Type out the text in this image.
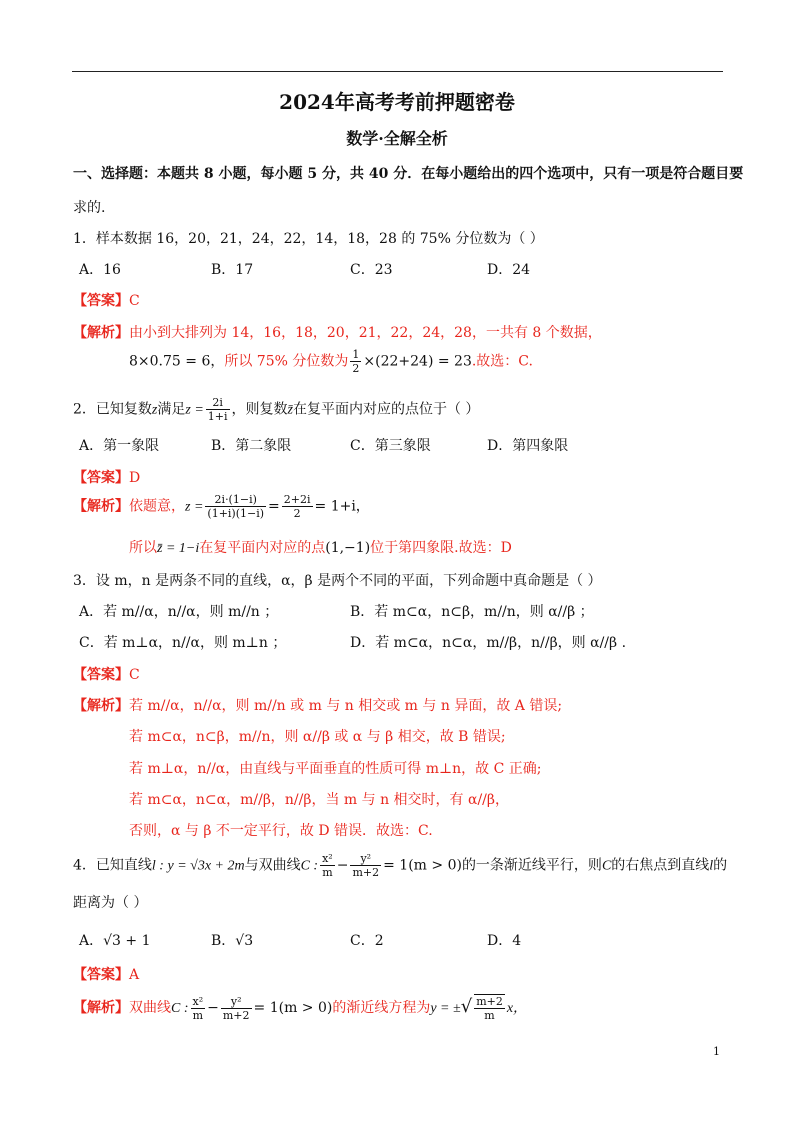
2024年高考考前押题密卷
数学·全解全析
一、选择题：本题共 8 小题，每小题 5 分，共 40 分．在每小题给出的四个选项中，只有一项是符合题目要
求的.
1．样本数据 16，20，21，24，22，14，18，28 的 75% 分位数为（ ）
A．16	B．17	C．23	D．24
【答案】C
【解析】由小到大排列为 14，16，18，20，21，22，24，28，一共有 8 个数据，
8×0.75 = 6，所以 75% 分位数为 $\frac{1}{2} \times(22+24) = 23$.故选：C.
2．已知复数z满足$z = \frac{2i}{1+i}$ ，则复数z̄在复平面内对应的点位于（ ）
A．第一象限	B．第二象限	C．第三象限	D．第四象限
【答案】D
【解析】依题意，$z = \frac{2i\cdot(1-i)}{(1+i)(1-i)} = \frac{2+2i}{2} = 1+i$，
所以z̄ = 1−i在复平面内对应的点(1,−1)位于第四象限.故选：D
3．设 m，n 是两条不同的直线，α，β 是两个不同的平面，下列命题中真命题是（ ）
A．若 m//α，n//α，则 m//n ；	B．若 m⊂α，n⊂β，m//n，则 α//β ；
C．若 m⊥α，n//α，则 m⊥n ；	D．若 m⊂α，n⊂α，m//β，n//β，则 α//β .
【答案】C
【解析】若 m//α，n//α，则 m//n 或 m 与 n 相交或 m 与 n 异面，故 A 错误;
若 m⊂α，n⊂β，m//n，则 α//β 或 α 与 β 相交，故 B 错误;
若 m⊥α，n//α，由直线与平面垂直的性质可得 m⊥n，故 C 正确;
若 m⊂α，n⊂α，m//β，n//β，当 m 与 n 相交时，有 α//β，
否则，α 与 β 不一定平行，故 D 错误．故选：C.
4．已知直线l : y = √3x + 2m与双曲线C : $\frac{\text{x²}}{m} - \frac{\text{y²}}{m+2} = 1(m > 0)$的一条渐近线平行，则C的右焦点到直线l的
距离为（ ）
A．√3 + 1	B．√3	C．2	D．4
【答案】A
【解析】双曲线C : $\frac{\text{x²}}{m} - \frac{\text{y²}}{m+2} = 1(m > 0)$的渐近线方程为y = ±√ $\frac{m+2}{m}$ x，
1
